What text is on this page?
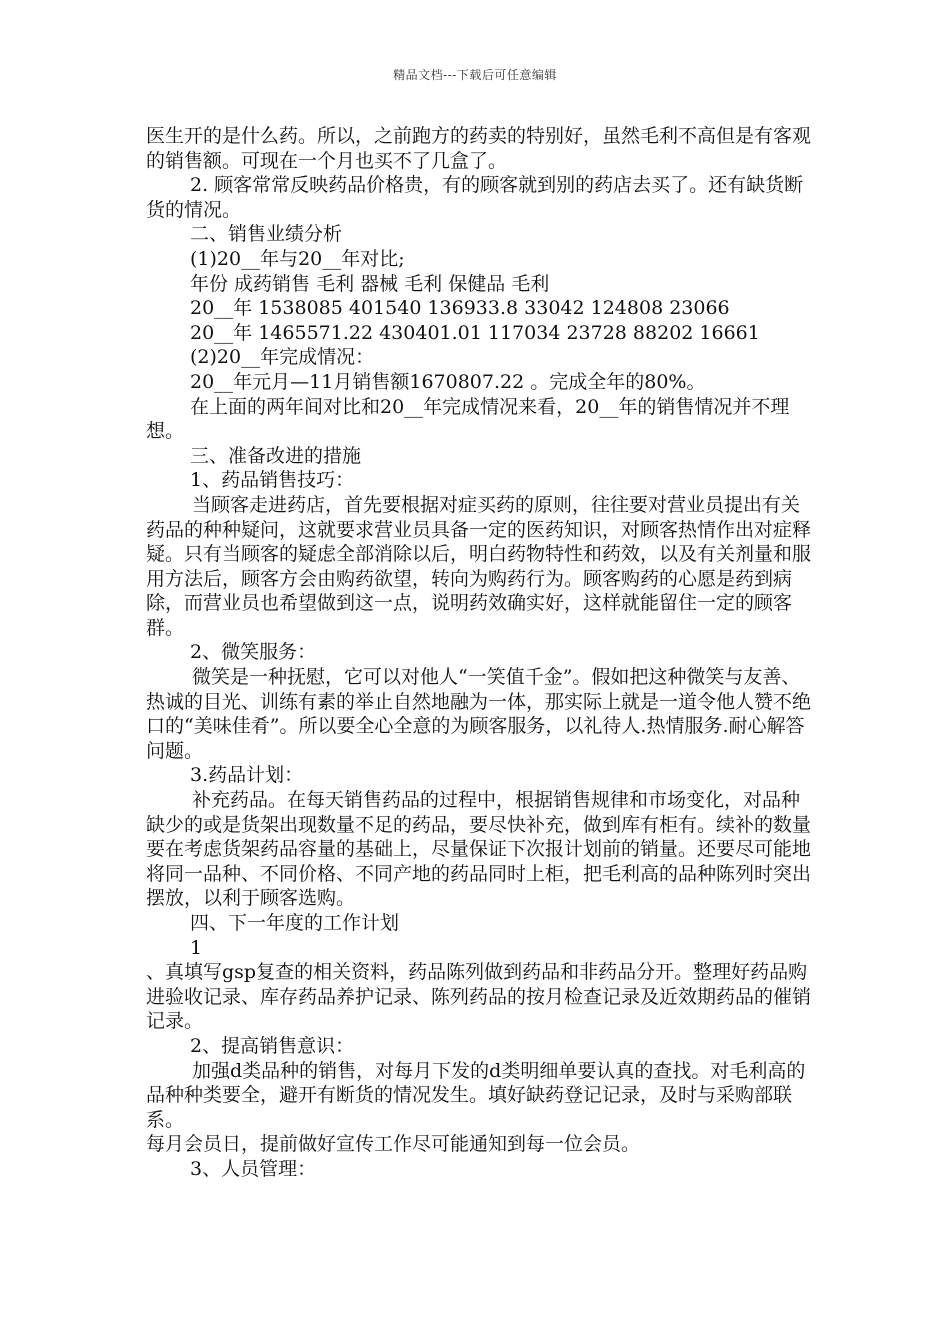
精品文档---下载后可任意编辑

医生开的是什么药。所以，之前跑方的药卖的特别好，虽然毛利不高但是有客观的销售额。可现在一个月也买不了几盒了。

2. 顾客常常反映药品价格贵，有的顾客就到别的药店去买了。还有缺货断货的情况。

二、销售业绩分析

(1)20__年与20__年对比;

年份 成药销售 毛利 器械 毛利 保健品 毛利

20__年 1538085 401540 136933.8 33042 124808 23066

20__年 1465571.22 430401.01 117034 23728 88202 16661

(2)20__年完成情况：

20__年元月—11月销售额1670807.22 。完成全年的80%。

在上面的两年间对比和20__年完成情况来看，20__年的销售情况并不理想。

三、准备改进的措施

1、药品销售技巧：

当顾客走进药店，首先要根据对症买药的原则，往往要对营业员提出有关药品的种种疑问，这就要求营业员具备一定的医药知识，对顾客热情作出对症释疑。只有当顾客的疑虑全部消除以后，明白药物特性和药效，以及有关剂量和服用方法后，顾客方会由购药欲望，转向为购药行为。顾客购药的心愿是药到病除，而营业员也希望做到这一点，说明药效确实好，这样就能留住一定的顾客群。

2、微笑服务：

微笑是一种抚慰，它可以对他人“一笑值千金”。假如把这种微笑与友善、热诚的目光、训练有素的举止自然地融为一体，那实际上就是一道令他人赞不绝口的“美味佳肴”。所以要全心全意的为顾客服务，以礼待人.热情服务.耐心解答问题。

3.药品计划：

补充药品。在每天销售药品的过程中，根据销售规律和市场变化，对品种缺少的或是货架出现数量不足的药品，要尽快补充，做到库有柜有。续补的数量要在考虑货架药品容量的基础上，尽量保证下次报计划前的销量。还要尽可能地将同一品种、不同价格、不同产地的药品同时上柜，把毛利高的品种陈列时突出摆放，以利于顾客选购。

四、下一年度的工作计划

1

、真填写gsp复查的相关资料，药品陈列做到药品和非药品分开。整理好药品购进验收记录、库存药品养护记录、陈列药品的按月检查记录及近效期药品的催销记录。

2、提高销售意识：

加强d类品种的销售，对每月下发的d类明细单要认真的查找。对毛利高的品种种类要全，避开有断货的情况发生。填好缺药登记记录，及时与采购部联系。

每月会员日，提前做好宣传工作尽可能通知到每一位会员。

3、人员管理：
